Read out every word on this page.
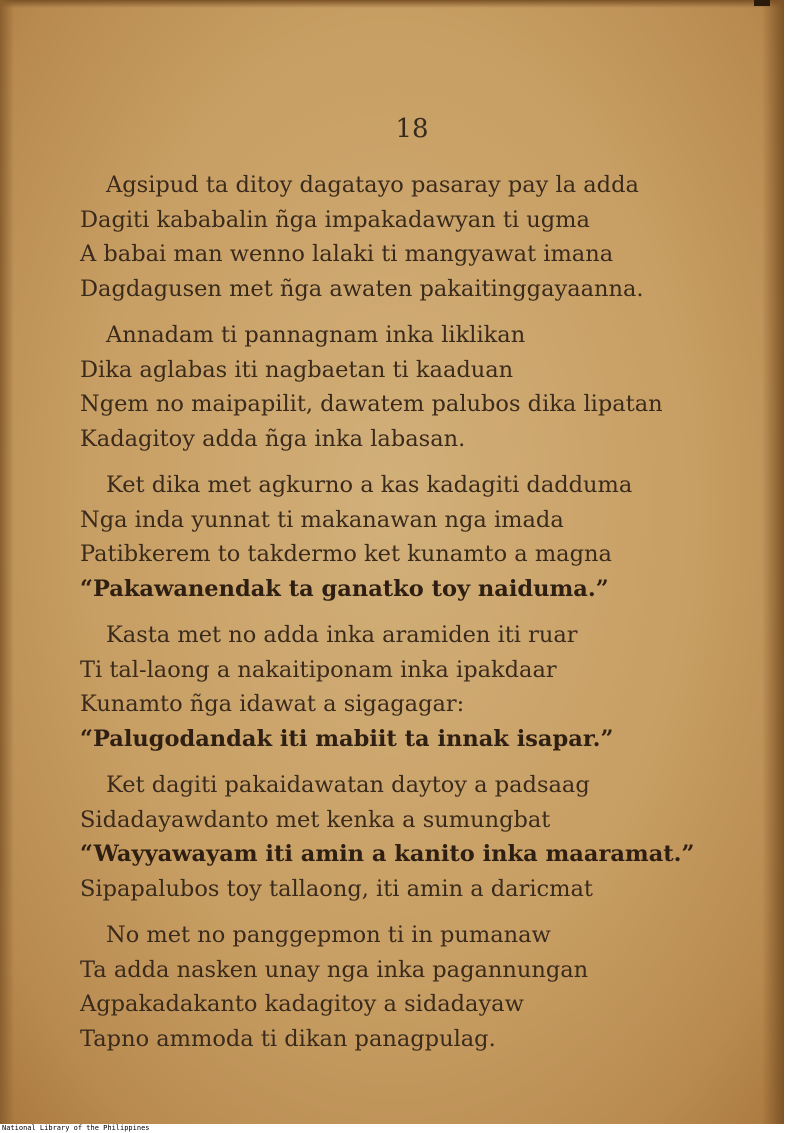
18

Agsipud ta ditoy dagatayo pasaray pay la adda

Dagiti kababalin ñga impakadawyan ti ugma

A babai man wenno lalaki ti mangyawat imana

Dagdagusen met ñga awaten pakaitinggayaanna.

Annadam ti pannagnam inka liklikan

Dika aglabas iti nagbaetan ti kaaduan

Ngem no maipapilit, dawatem palubos dika lipatan

Kadagitoy adda ñga inka labasan.

Ket dika met agkurno a kas kadagiti dadduma

Nga inda yunnat ti makanawan nga imada

Patibkerem to takdermo ket kunamto a magna

“Pakawanendak ta ganatko toy naiduma.”

Kasta met no adda inka aramiden iti ruar

Ti tal-laong a nakaitiponam inka ipakdaar

Kunamto ñga idawat a sigagagar:

“Palugodandak iti mabiit ta innak isapar.”

Ket dagiti pakaidawatan daytoy a padsaag

Sidadayawdanto met kenka a sumungbat

“Wayyawayam iti amin a kanito inka maaramat.”

Sipapalubos toy tallaong, iti amin a daricmat

No met no panggepmon ti in pumanaw

Ta adda nasken unay nga inka pagannungan

Agpakadakanto kadagitoy a sidadayaw

Tapno ammoda ti dikan panagpulag.

National Library of the Philippines
